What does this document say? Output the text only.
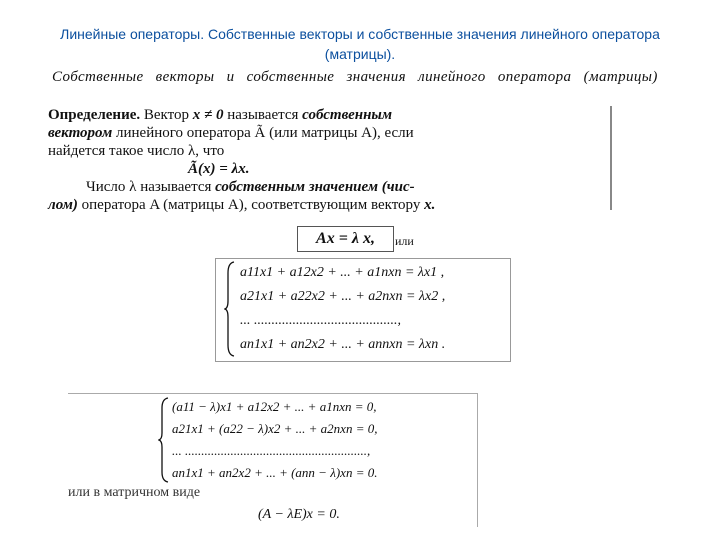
Линейные операторы. Собственные векторы и собственные значения линейного оператора (матрицы).
Собственные векторы и собственные значения линейного оператора (матрицы)
Определение. Вектор x ≠ 0 называется собственным
вектором линейного оператора Ã (или матрицы A), если
найдется такое число λ, что
Ã(x) = λx.
Число λ называется собственным значением (чис-
лом) оператора A (матрицы A), соответствующим вектору x.
Ax = λ x,	или
a11x1 + a12x2 + ... + a1nxn = λx1 ,
a21x1 + a22x2 + ... + a2nxn = λx2 ,
... .........................................,
an1x1 + an2x2 + ... + annxn = λxn .
(a11 − λ)x1 + a12x2 + ... + a1nxn = 0,
a21x1 + (a22 − λ)x2 + ... + a2nxn = 0,
... ........................................................,
an1x1 + an2x2 + ... + (ann − λ)xn = 0.
или в матричном виде
(A − λE)x = 0.
